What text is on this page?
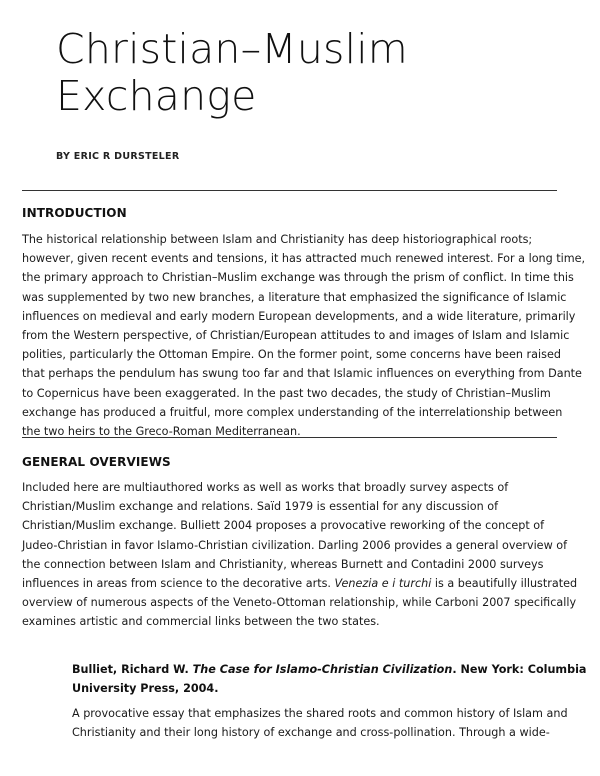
Christian–Muslim
Exchange
BY ERIC R DURSTELER
INTRODUCTION

The historical relationship between Islam and Christianity has deep historiographical roots;
however, given recent events and tensions, it has attracted much renewed interest. For a long time,
the primary approach to Christian–Muslim exchange was through the prism of conflict. In time this
was supplemented by two new branches, a literature that emphasized the significance of Islamic
influences on medieval and early modern European developments, and a wide literature, primarily
from the Western perspective, of Christian/European attitudes to and images of Islam and Islamic
polities, particularly the Ottoman Empire. On the former point, some concerns have been raised
that perhaps the pendulum has swung too far and that Islamic influences on everything from Dante
to Copernicus have been exaggerated. In the past two decades, the study of Christian–Muslim
exchange has produced a fruitful, more complex understanding of the interrelationship between
the two heirs to the Greco-Roman Mediterranean.

GENERAL OVERVIEWS

Included here are multiauthored works as well as works that broadly survey aspects of
Christian/Muslim exchange and relations. Saïd 1979 is essential for any discussion of
Christian/Muslim exchange. Bulliett 2004 proposes a provocative reworking of the concept of
Judeo-Christian in favor Islamo-Christian civilization. Darling 2006 provides a general overview of
the connection between Islam and Christianity, whereas Burnett and Contadini 2000 surveys
influences in areas from science to the decorative arts. Venezia e i turchi is a beautifully illustrated
overview of numerous aspects of the Veneto-Ottoman relationship, while Carboni 2007 specifically
examines artistic and commercial links between the two states.

Bulliet, Richard W. The Case for Islamo-Christian Civilization. New York: Columbia
University Press, 2004.

A provocative essay that emphasizes the shared roots and common history of Islam and
Christianity and their long history of exchange and cross-pollination. Through a wide-
